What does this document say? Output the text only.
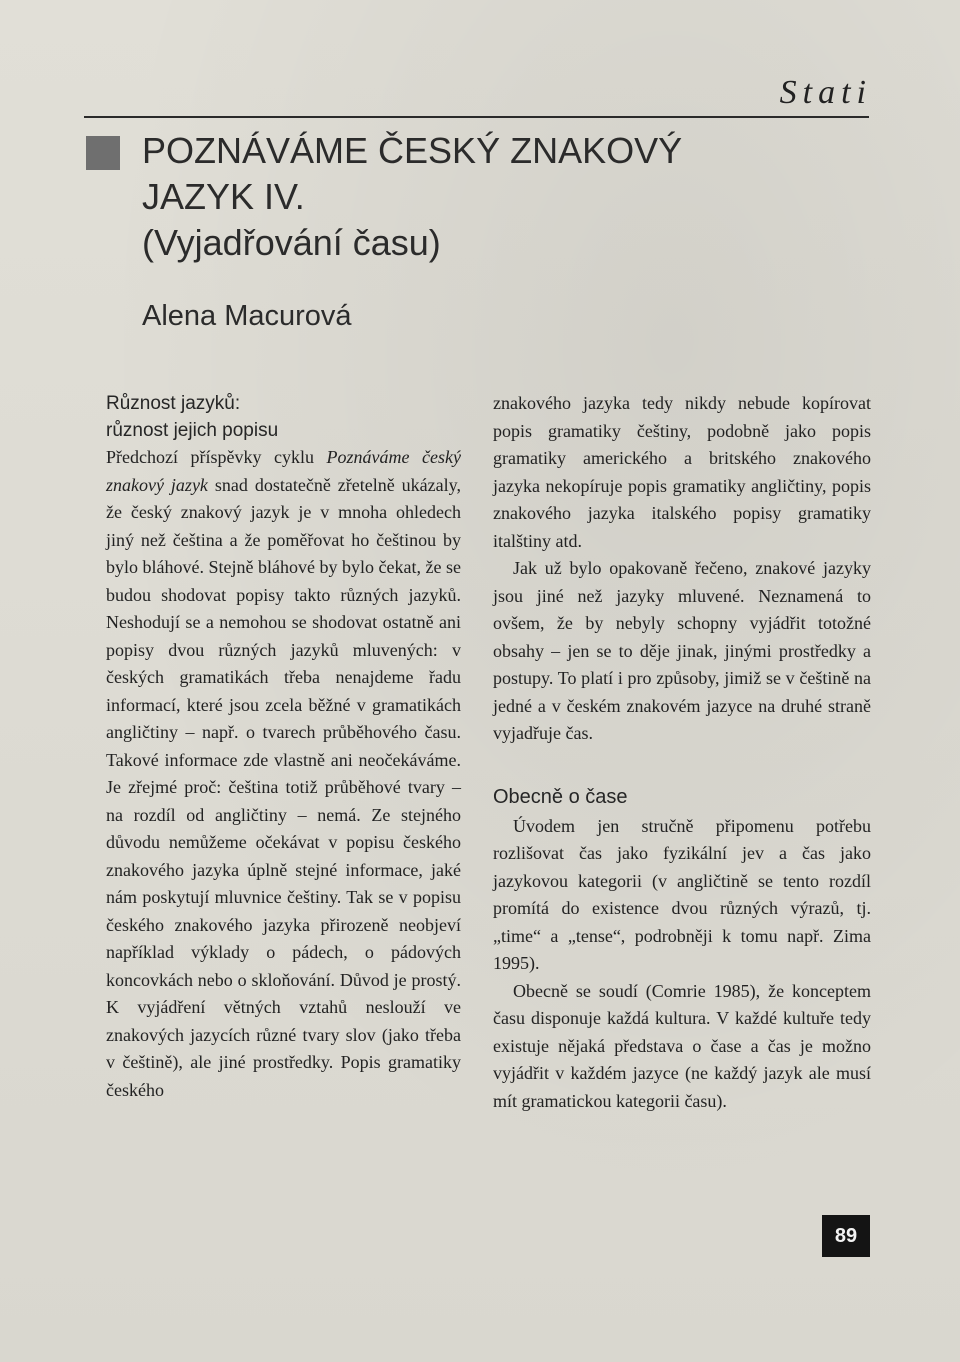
Stati
POZNÁVÁME ČESKÝ ZNAKOVÝ
JAZYK IV.
(Vyjadřování času)
Alena Macurová
Různost jazyků:
různost jejich popisu

Předchozí příspěvky cyklu Poznáváme český znakový jazyk snad dostatečně zřetelně ukázaly, že český znakový jazyk je v mnoha ohledech jiný než čeština a že poměřovat ho češtinou by bylo bláhové. Stejně bláhové by bylo čekat, že se budou shodovat popisy takto různých jazyků. Neshodují se a nemohou se shodovat ostatně ani popisy dvou různých jazyků mluvených: v českých gramatikách třeba nenajdeme řadu informací, které jsou zcela běžné v gramatikách angličtiny – např. o tvarech průběhového času. Takové informace zde vlastně ani neočekáváme. Je zřejmé proč: čeština totiž průběhové tvary – na rozdíl od angličtiny – nemá. Ze stejného důvodu nemůžeme očekávat v popisu českého znakového jazyka úplně stejné informace, jaké nám poskytují mluvnice češtiny. Tak se v popisu českého znakového jazyka přirozeně neobjeví například výklady o pádech, o pádových koncovkách nebo o skloňování. Důvod je prostý. K vyjádření větných vztahů neslouží ve znakových jazycích různé tvary slov (jako třeba v češtině), ale jiné prostředky. Popis gramatiky českého

znakového jazyka tedy nikdy nebude kopírovat popis gramatiky češtiny, podobně jako popis gramatiky amerického a britského znakového jazyka nekopíruje popis gramatiky angličtiny, popis znakového jazyka italského popisy gramatiky italštiny atd.

Jak už bylo opakovaně řečeno, znakové jazyky jsou jiné než jazyky mluvené. Neznamená to ovšem, že by nebyly schopny vyjádřit totožné obsahy – jen se to děje jinak, jinými prostředky a postupy. To platí i pro způsoby, jimiž se v češtině na jedné a v českém znakovém jazyce na druhé straně vyjadřuje čas.

Obecně o čase

Úvodem jen stručně připomenu potřebu rozlišovat čas jako fyzikální jev a čas jako jazykovou kategorii (v angličtině se tento rozdíl promítá do existence dvou různých výrazů, tj. „time“ a „tense“, podrobněji k tomu např. Zima 1995).

Obecně se soudí (Comrie 1985), že konceptem času disponuje každá kultura. V každé kultuře tedy existuje nějaká představa o čase a čas je možno vyjádřit v každém jazyce (ne každý jazyk ale musí mít gramatickou kategorii času).

89
